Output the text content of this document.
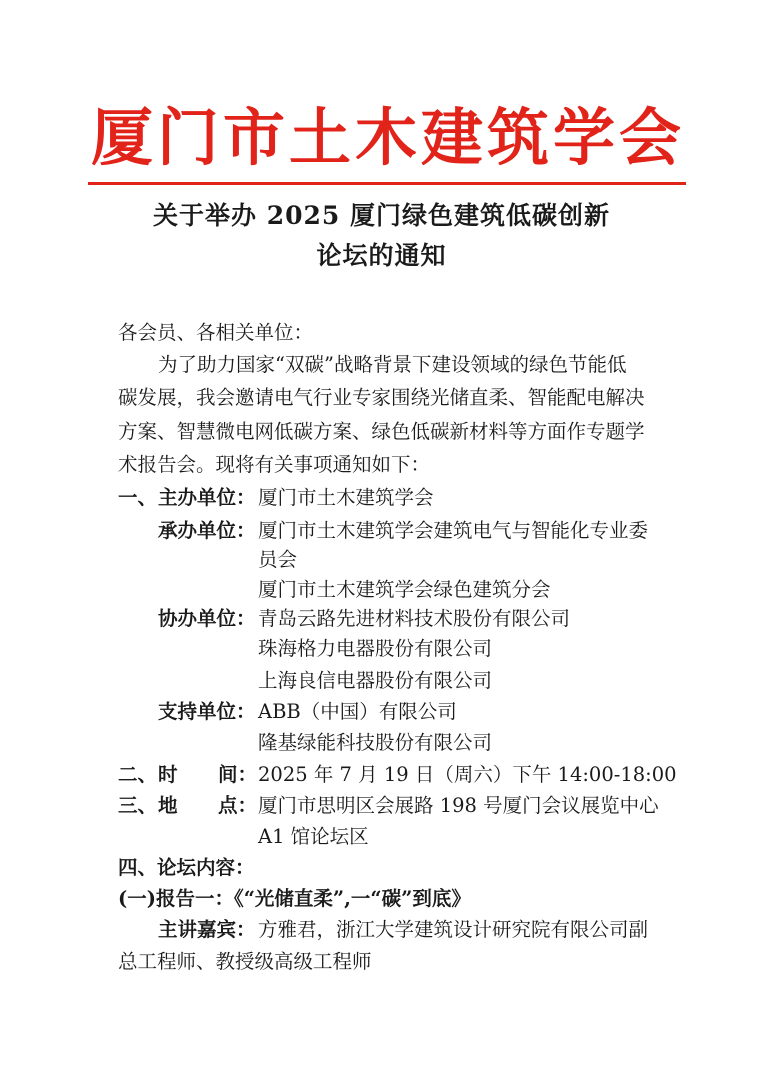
厦门市土木建筑学会
关于举办 2025 厦门绿色建筑低碳创新
论坛的通知
各会员、各相关单位：
为了助力国家“双碳”战略背景下建设领域的绿色节能低
碳发展，我会邀请电气行业专家围绕光储直柔、智能配电解决
方案、智慧微电网低碳方案、绿色低碳新材料等方面作专题学
术报告会。现将有关事项通知如下：
一、 主办单位： 厦门市土木建筑学会
承办单位： 厦门市土木建筑学会建筑电气与智能化专业委
员会
厦门市土木建筑学会绿色建筑分会
协办单位： 青岛云路先进材料技术股份有限公司
珠海格力电器股份有限公司
上海良信电器股份有限公司
支持单位： ABB（中国）有限公司
隆基绿能科技股份有限公司
二、 时 间： 2025 年 7 月 19 日（周六）下午 14:00-18:00
三、 地 点： 厦门市思明区会展路 198 号厦门会议展览中心
A1 馆论坛区
四、论坛内容：
(一)报告一：《“光储直柔”,一“碳”到底》
主讲嘉宾： 方雅君，浙江大学建筑设计研究院有限公司副
总工程师、教授级高级工程师
